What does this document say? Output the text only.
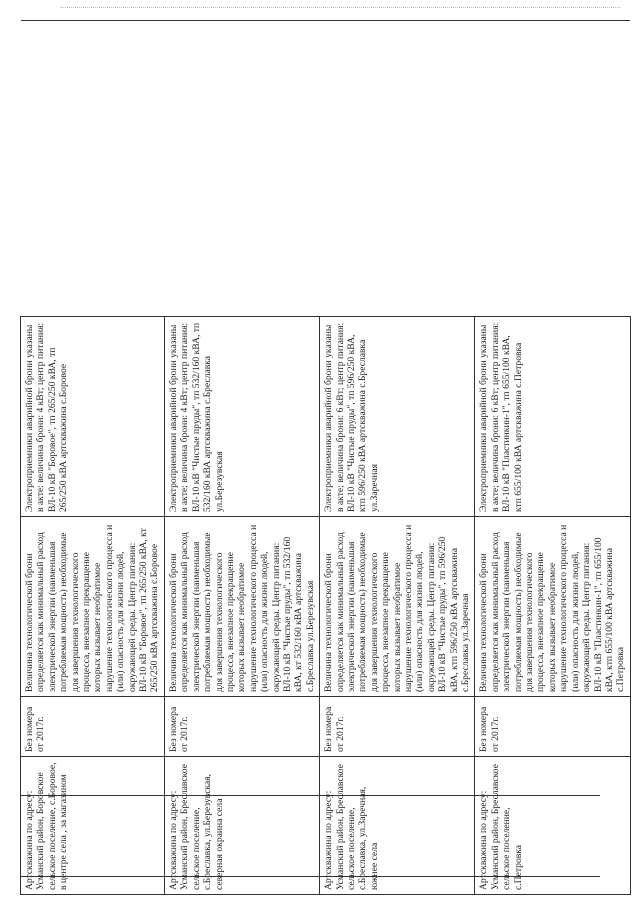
Артскважина по адресу: Усманский район, Боровское сельское поселение, с.Боровое, в центре села , за магазином	Без номера от 2017г.	Величина технологической брони определяется как минимальный расход электрической энергии (наименьшая потребляемая мощность) необходимые для завершения технологического процесса, внезапное прекращение которых вызывает необратимое нарушение технологического процесса и (или) опасность для жизни людей, окружающей среды. Центр питания: ВЛ-10 кВ "Боровое", тп 265/250 кВА, кт 265/250 кВА артскважина с.Боровое	Электроприемники аварийной брони указаны в акте: величина брони: 4 кВт; центр питания: ВЛ-10 кВ "Боровое", тп 265/250 кВА, тп 265/250 кВА артскважина с.Боровое	
Артскважина по адресу: Усманский район, Бреславское сельское поселение, с.Бреславка, ул.Березувская, северная окраина села	Без номера от 2017г.	Величина технологической брони определяется как минимальный расход электрической энергии (наименьшая потребляемая мощность) необходимые для завершения технологического процесса, внезапное прекращение которых вызывает необратимое нарушение технологического процесса и (или) опасность для жизни людей, окружающей среды. Центр питания: ВЛ-10 кВ "Чистые пруды", тп 532/160 кВА, кт 532/160 кВА артскважина с.Бреславка ул.Березувская	Электроприемники аварийной брони указаны в акте; величина брони: 4 кВт; центр питания: ВЛ-10 кВ "Чистые пруды", тп 532/160 кВА, тп 532/160 кВА артскважина с.Бреславка ул.Березувская	
Артскважина по адресу: Усманский район, Бреславское сельское поселение, с.Бреславка, ул.Заречная, южнее села	Без номера от 2017г.	Величина технологической брони определяется как минимальный расход электрической энергии (наименьшая потребляемая мощность) необходимые для завершения технологического процесса, внезапное прекращение которых вызывает необратимое нарушение технологического процесса и (или) опасность для жизни людей, окружающей среды. Центр питания: ВЛ-10 кВ "Чистые пруды", тп 596/250 кВА, ктп 596/250 кВА артскважина с.Бреславка ул.Заречная	Электроприемники аварийной брони указаны в акте; величина брони: 6 кВт; центр питания: ВЛ-10 кВ "Чистые пруды", тп 596/250 кВА, ктп 596/250 кВА артскважина с.Бреславка ул.Заречная	
Артскважина по адресу: Усманский район, Бреславское сельское поселение, с.Петровка	Без номера от 2017г.	Величина технологической брони определяется как минимальный расход электрической энергии (наименьшая потребляемая мощность) необходимые для завершения технологического процесса, внезапное прекращение которых вызывает необратимое нарушение технологического процесса и (или) опасность для жизни людей, окружающей среды. Центр питания: ВЛ-10 кВ "Пластинкин-1", тп 655/100 кВА, ктп 655/100 кВА артскважина с.Петровка	Электроприемники аварийной брони указаны в акте; величина брони: 6 кВт; центр питания: ВЛ-10 кВ "Пластинкин-1", тп 655/100 кВА, ктп 655/100 кВА артскважина с.Петровка	
